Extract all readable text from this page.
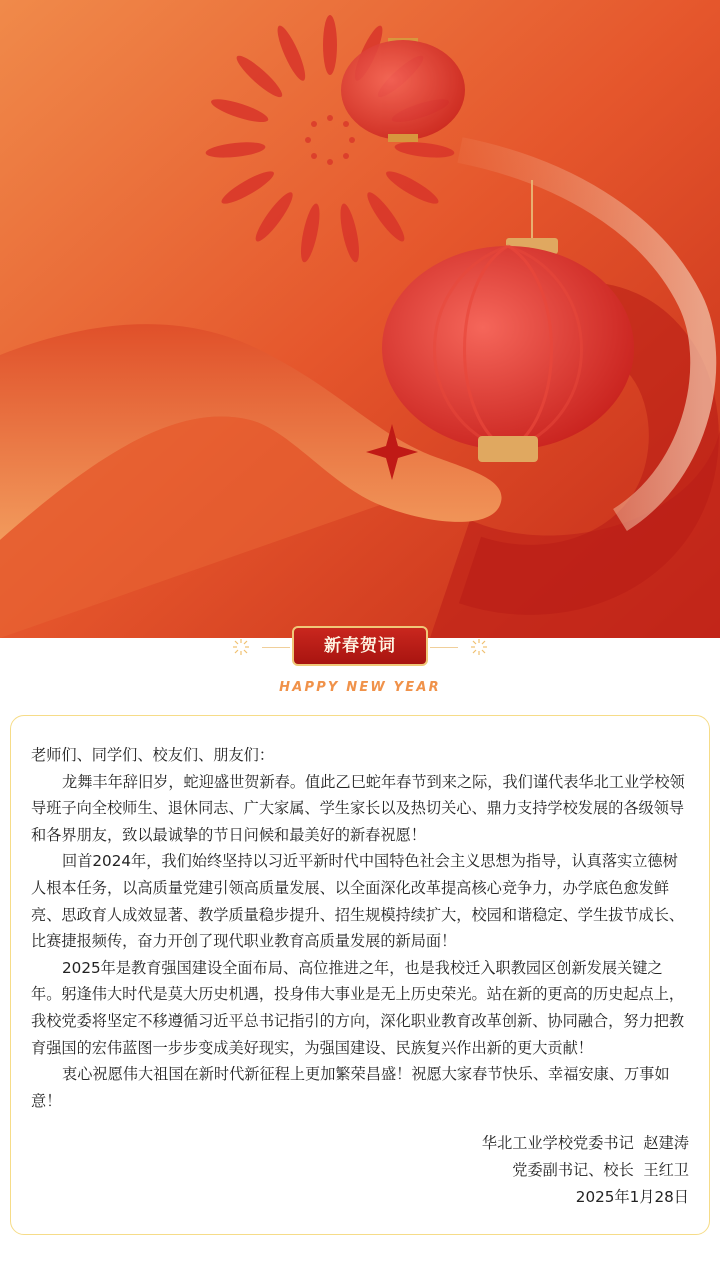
新春贺词
HAPPY NEW YEAR

老师们、同学们、校友们、朋友们：

龙舞丰年辞旧岁，蛇迎盛世贺新春。值此乙巳蛇年春节到来之际，我们谨代表华北工业学校领导班子向全校师生、退休同志、广大家属、学生家长以及热切关心、鼎力支持学校发展的各级领导和各界朋友，致以最诚挚的节日问候和最美好的新春祝愿！

回首2024年，我们始终坚持以习近平新时代中国特色社会主义思想为指导，认真落实立德树人根本任务，以高质量党建引领高质量发展、以全面深化改革提高核心竞争力，办学底色愈发鲜亮、思政育人成效显著、教学质量稳步提升、招生规模持续扩大，校园和谐稳定、学生拔节成长、比赛捷报频传，奋力开创了现代职业教育高质量发展的新局面！

2025年是教育强国建设全面布局、高位推进之年，也是我校迁入职教园区创新发展关键之年。躬逢伟大时代是莫大历史机遇，投身伟大事业是无上历史荣光。站在新的更高的历史起点上，我校党委将坚定不移遵循习近平总书记指引的方向，深化职业教育改革创新、协同融合，努力把教育强国的宏伟蓝图一步步变成美好现实，为强国建设、民族复兴作出新的更大贡献！

衷心祝愿伟大祖国在新时代新征程上更加繁荣昌盛！祝愿大家春节快乐、幸福安康、万事如意！

华北工业学校党委书记  赵建涛
党委副书记、校长  王红卫
2025年1月28日
